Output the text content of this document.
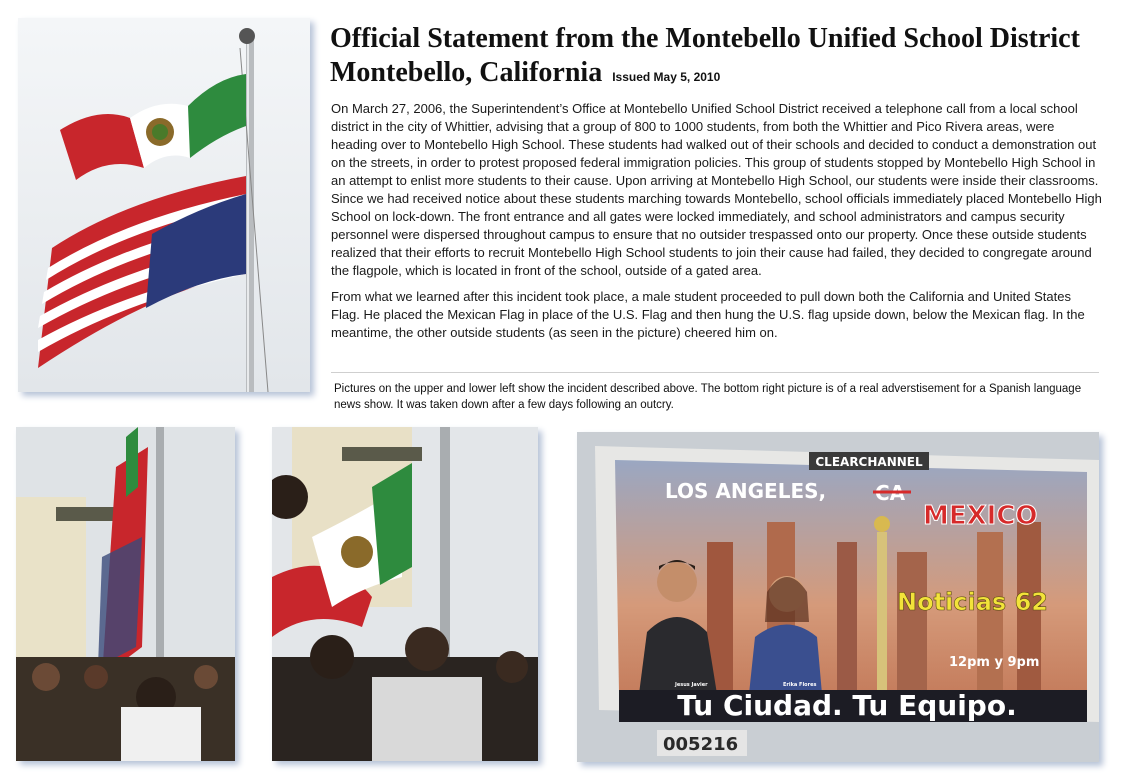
Official Statement from the Montebello Unified School District Montebello, California Issued May 5, 2010

On March 27, 2006, the Superintendent’s Office at Montebello Unified School District received a telephone call from a local school district in the city of Whittier, advising that a group of 800 to 1000 students, from both the Whittier and Pico Rivera areas, were heading over to Montebello High School. These students had walked out of their schools and decided to conduct a demonstration out on the streets, in order to protest proposed federal immigration policies. This group of students stopped by Montebello High School in an attempt to enlist more students to their cause. Upon arriving at Montebello High School, our students were inside their classrooms. Since we had received notice about these students marching towards Montebello, school officials immediately placed Montebello High School on lock-down. The front entrance and all gates were locked immediately, and school administrators and campus security personnel were dispersed throughout campus to ensure that no outsider trespassed onto our property. Once these outside students realized that their efforts to recruit Montebello High School students to join their cause had failed, they decided to congregate around the flagpole, which is located in front of the school, outside of a gated area.

From what we learned after this incident took place, a male student proceeded to pull down both the California and United States Flag. He placed the Mexican Flag in place of the U.S. Flag and then hung the U.S. flag upside down, below the Mexican flag. In the meantime, the other outside students (as seen in the picture) cheered him on.

Pictures on the upper and lower left show the incident described above. The bottom right picture is of a real adverstisement for a Spanish language news show. It was taken down after a few days following an outcry.
CLEARCHANNEL
LOS ANGELES, CA
MEXICO
Noticias 62
12pm y 9pm
Jesus Javier	Erika Flores
Tu Ciudad. Tu Equipo.
005216
